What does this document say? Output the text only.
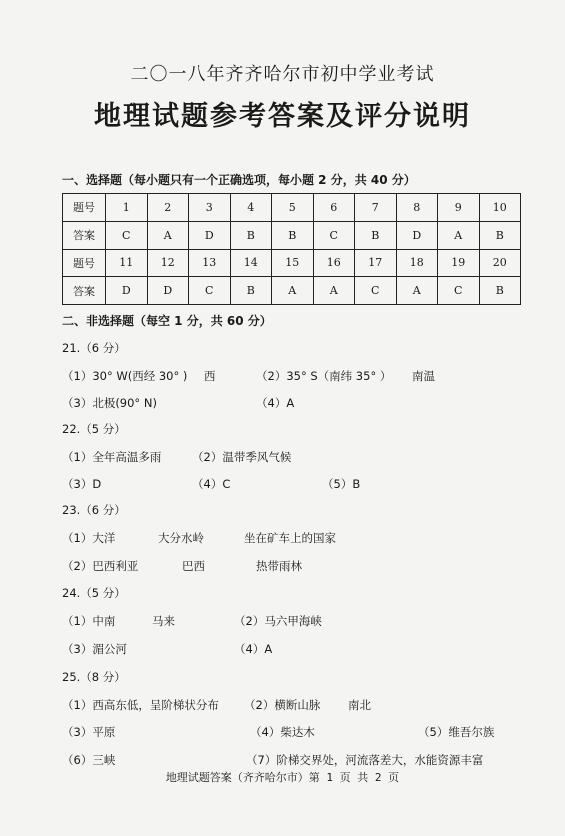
二〇一八年齐齐哈尔市初中学业考试
地理试题参考答案及评分说明
一、选择题（每小题只有一个正确选项，每小题 2 分，共 40 分）
题号	1	2	3	4	5	6	7	8	9	10
答案	C	A	D	B	B	C	B	D	A	B
题号	11	12	13	14	15	16	17	18	19	20
答案	D	D	C	B	A	A	C	A	C	B
二、非选择题（每空 1 分，共 60 分）
21.（6 分）
（1）30° W(西经 30° ) 西	（2）35° S（南纬 35° ） 南温
（3）北极(90° N)	（4）A
22.（5 分）
（1）全年高温多雨	（2）温带季风气候
（3）D	（4）C	（5）B
23.（6 分）
（1）大洋	大分水岭	坐在矿车上的国家
（2）巴西利亚	巴西	热带雨林
24.（5 分）
（1）中南	马来	（2）马六甲海峡
（3）湄公河	（4）A
25.（8 分）
（1）西高东低，呈阶梯状分布 （2）横断山脉 南北
（3）平原	（4）柴达木	（5）维吾尔族
（6）三峡	（7）阶梯交界处，河流落差大，水能资源丰富
地理试题答案（齐齐哈尔市）第 1 页 共 2 页
